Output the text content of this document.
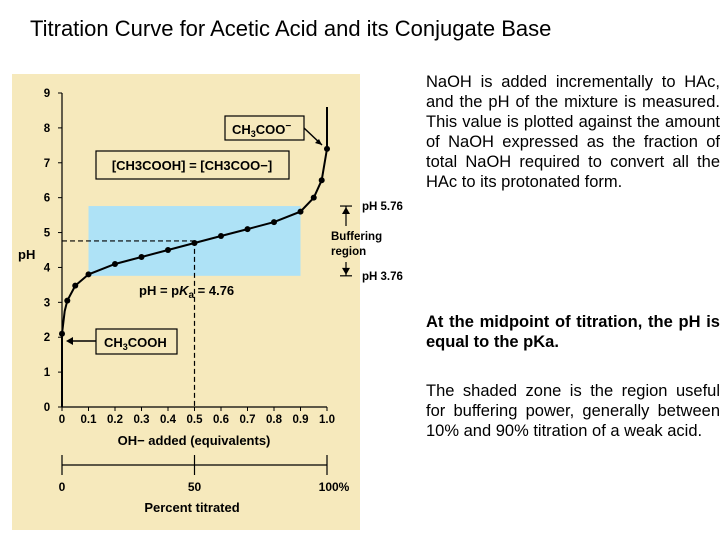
Titration Curve for Acetic Acid and its Conjugate Base
0
1
2
3
4
5
6
7
8
9
0 0.1 0.2 0.3 0.4 0.5 0.6 0.7 0.8 0.9 1.0
pH
OH− added (equivalents)
0	50	100%
Percent titrated
$CH_3COO^-$
[CH3COOH] = [CH3COO−]
pH = $pK_a = 4.76$
$CH_3COOH$
pH 5.76
pH 3.76
Buffering
region
NaOH is added incrementally to HAc, and the pH of the mixture is measured. This value is plotted against the amount of NaOH expressed as the fraction of total NaOH required to convert all the HAc to its protonated form.
At the midpoint of titration, the pH is equal to the pKa.
The shaded zone is the region useful for buffering power, generally between 10% and 90% titration of a weak acid.
